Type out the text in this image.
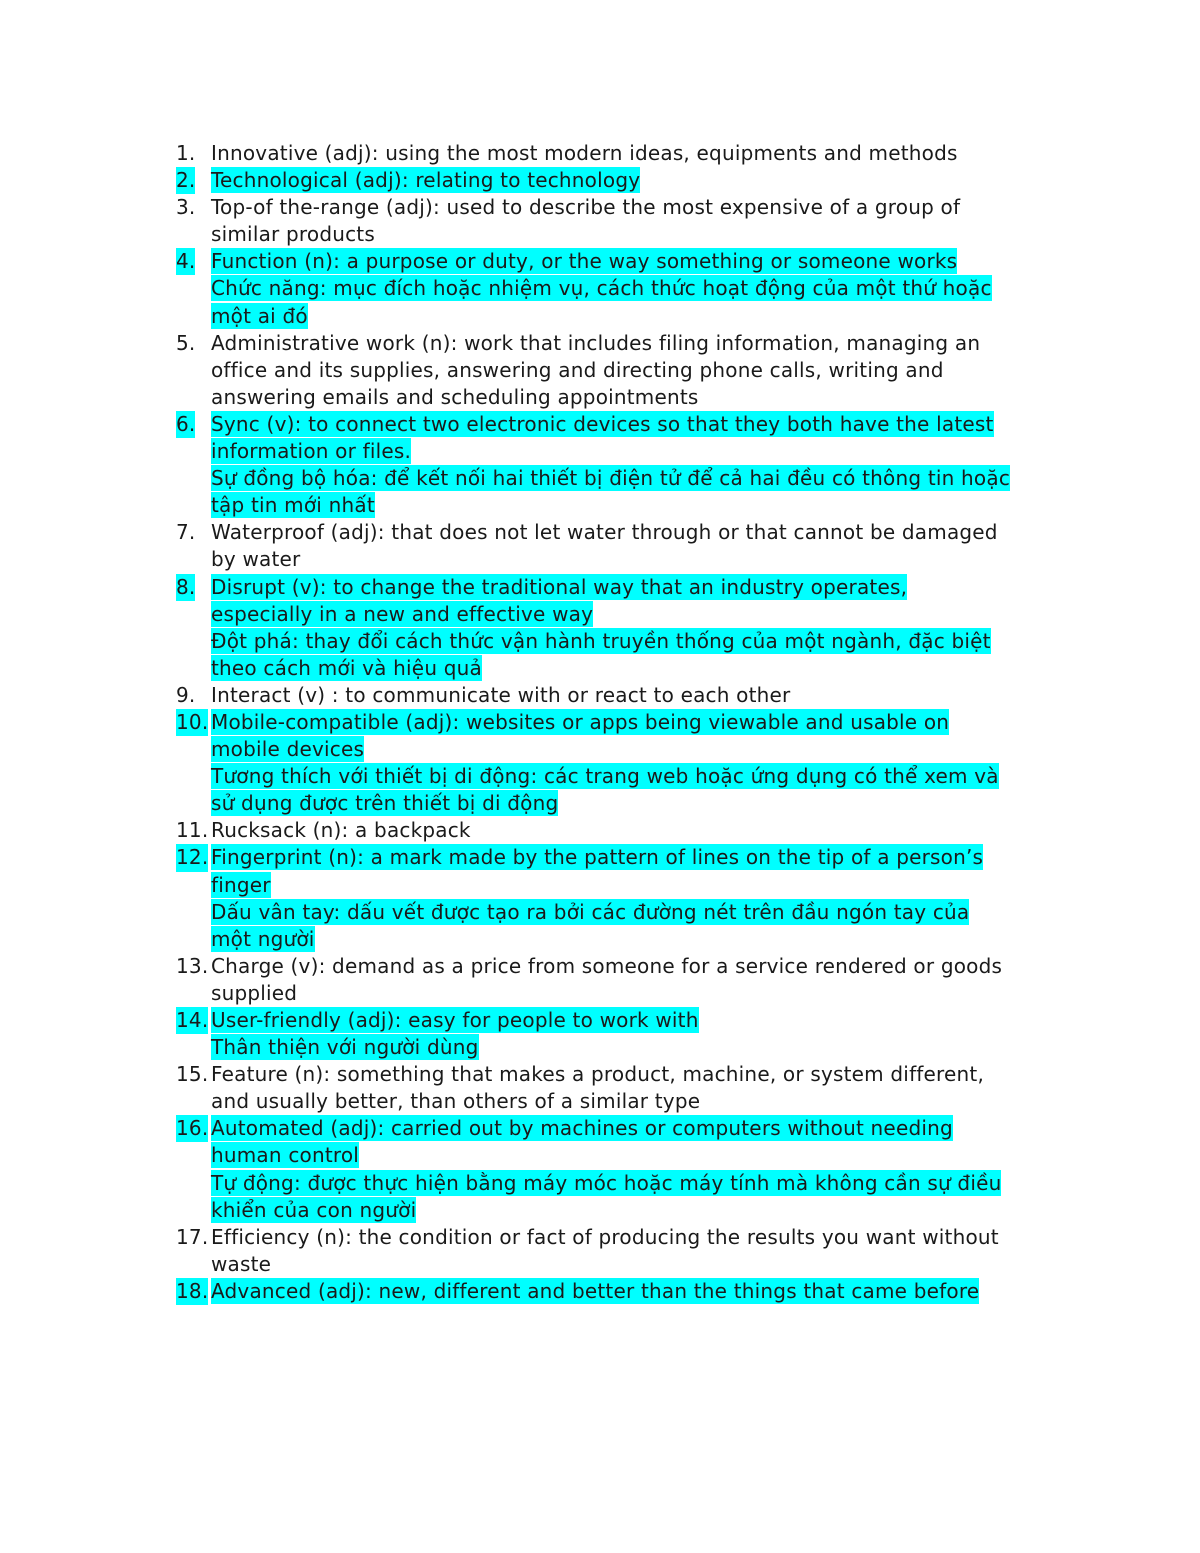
1. Innovative (adj): using the most modern ideas, equipments and methods
2. Technological (adj): relating to technology
3. Top-of the-range (adj): used to describe the most expensive of a group of
similar products
4. Function (n): a purpose or duty, or the way something or someone works
Chức năng: mục đích hoặc nhiệm vụ, cách thức hoạt động của một thứ hoặc
một ai đó
5. Administrative work (n): work that includes filing information, managing an
office and its supplies, answering and directing phone calls, writing and
answering emails and scheduling appointments
6. Sync (v): to connect two electronic devices so that they both have the latest
information or files.
Sự đồng bộ hóa: để kết nối hai thiết bị điện tử để cả hai đều có thông tin hoặc
tập tin mới nhất
7. Waterproof (adj): that does not let water through or that cannot be damaged
by water
8. Disrupt (v): to change the traditional way that an industry operates,
especially in a new and effective way
Đột phá: thay đổi cách thức vận hành truyền thống của một ngành, đặc biệt
theo cách mới và hiệu quả
9. Interact (v) : to communicate with or react to each other
10. Mobile-compatible (adj): websites or apps being viewable and usable on
mobile devices
Tương thích với thiết bị di động: các trang web hoặc ứng dụng có thể xem và
sử dụng được trên thiết bị di động
11. Rucksack (n): a backpack
12. Fingerprint (n): a mark made by the pattern of lines on the tip of a person’s
finger
Dấu vân tay: dấu vết được tạo ra bởi các đường nét trên đầu ngón tay của
một người
13. Charge (v): demand as a price from someone for a service rendered or goods
supplied
14. User-friendly (adj): easy for people to work with
Thân thiện với người dùng
15. Feature (n): something that makes a product, machine, or system different,
and usually better, than others of a similar type
16. Automated (adj): carried out by machines or computers without needing
human control
Tự động: được thực hiện bằng máy móc hoặc máy tính mà không cần sự điều
khiển của con người
17. Efficiency (n): the condition or fact of producing the results you want without
waste
18. Advanced (adj): new, different and better than the things that came before
